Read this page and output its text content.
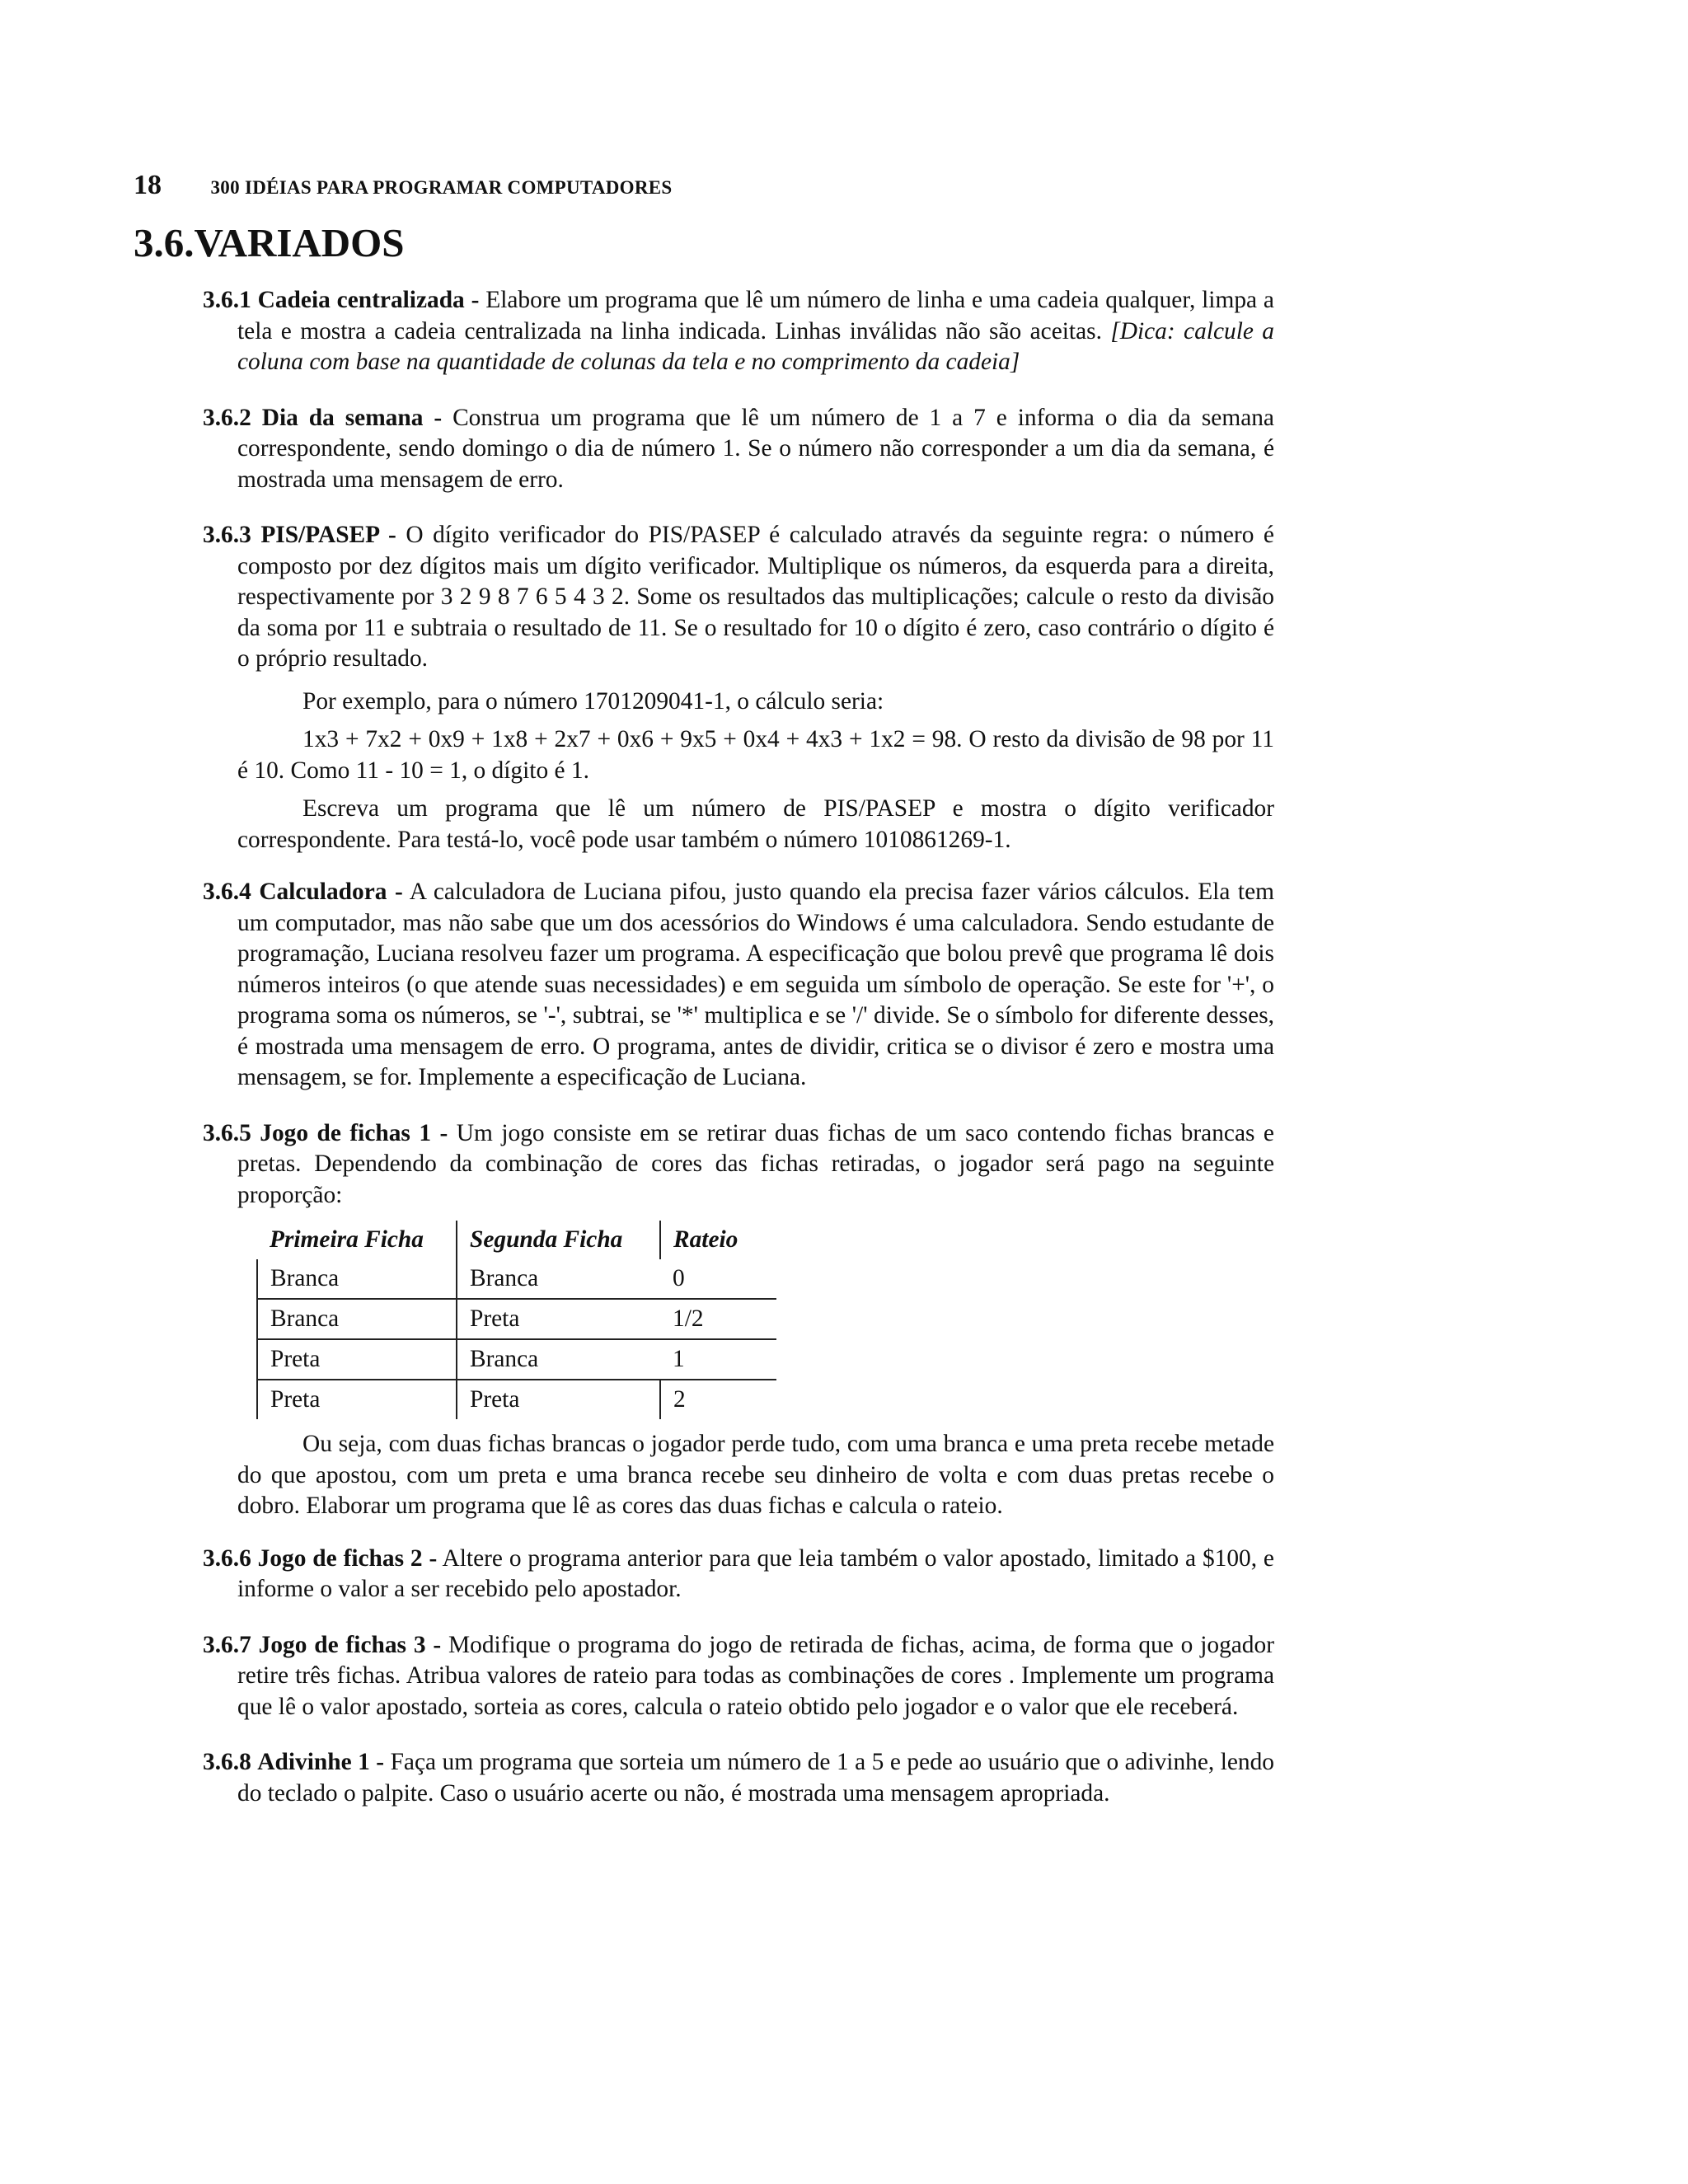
18	300 IDÉIAS PARA PROGRAMAR COMPUTADORES
3.6.VARIADOS

3.6.1 Cadeia centralizada - Elabore um programa que lê um número de linha e uma cadeia qualquer, limpa a tela e mostra a cadeia centralizada na linha indicada. Linhas inválidas não são aceitas. [Dica: calcule a coluna com base na quantidade de colunas da tela e no comprimento da cadeia]

3.6.2 Dia da semana - Construa um programa que lê um número de 1 a 7 e informa o dia da semana correspondente, sendo domingo o dia de número 1. Se o número não corresponder a um dia da semana, é mostrada uma mensagem de erro.

3.6.3 PIS/PASEP - O dígito verificador do PIS/PASEP é calculado através da seguinte regra: o número é composto por dez dígitos mais um dígito verificador. Multiplique os números, da esquerda para a direita, respectivamente por 3 2 9 8 7 6 5 4 3 2. Some os resultados das multiplicações; calcule o resto da divisão da soma por 11 e subtraia o resultado de 11. Se o resultado for 10 o dígito é zero, caso contrário o dígito é o próprio resultado.

Por exemplo, para o número 1701209041-1, o cálculo seria:

1x3 + 7x2 + 0x9 + 1x8 + 2x7 + 0x6 + 9x5 + 0x4 + 4x3 + 1x2 = 98. O resto da divisão de 98 por 11 é 10. Como 11 - 10 = 1, o dígito é 1.

Escreva um programa que lê um número de PIS/PASEP e mostra o dígito verificador correspondente. Para testá-lo, você pode usar também o número 1010861269-1.

3.6.4 Calculadora - A calculadora de Luciana pifou, justo quando ela precisa fazer vários cálculos. Ela tem um computador, mas não sabe que um dos acessórios do Windows é uma calculadora. Sendo estudante de programação, Luciana resolveu fazer um programa. A especificação que bolou prevê que programa lê dois números inteiros (o que atende suas necessidades) e em seguida um símbolo de operação. Se este for '+', o programa soma os números, se '-', subtrai, se '*' multiplica e se '/' divide. Se o símbolo for diferente desses, é mostrada uma mensagem de erro. O programa, antes de dividir, critica se o divisor é zero e mostra uma mensagem, se for. Implemente a especificação de Luciana.

3.6.5 Jogo de fichas 1 - Um jogo consiste em se retirar duas fichas de um saco contendo fichas brancas e pretas. Dependendo da combinação de cores das fichas retiradas, o jogador será pago na seguinte proporção:

Primeira Ficha	Segunda Ficha	Rateio
Branca	Branca	0
Branca	Preta	1/2
Preta	Branca	1
Preta	Preta	2

Ou seja, com duas fichas brancas o jogador perde tudo, com uma branca e uma preta recebe metade do que apostou, com um preta e uma branca recebe seu dinheiro de volta e com duas pretas recebe o dobro. Elaborar um programa que lê as cores das duas fichas e calcula o rateio.

3.6.6 Jogo de fichas 2 - Altere o programa anterior para que leia também o valor apostado, limitado a $100, e informe o valor a ser recebido pelo apostador.

3.6.7 Jogo de fichas 3 - Modifique o programa do jogo de retirada de fichas, acima, de forma que o jogador retire três fichas. Atribua valores de rateio para todas as combinações de cores . Implemente um programa que lê o valor apostado, sorteia as cores, calcula o rateio obtido pelo jogador e o valor que ele receberá.

3.6.8 Adivinhe 1 - Faça um programa que sorteia um número de 1 a 5 e pede ao usuário que o adivinhe, lendo do teclado o palpite. Caso o usuário acerte ou não, é mostrada uma mensagem apropriada.
